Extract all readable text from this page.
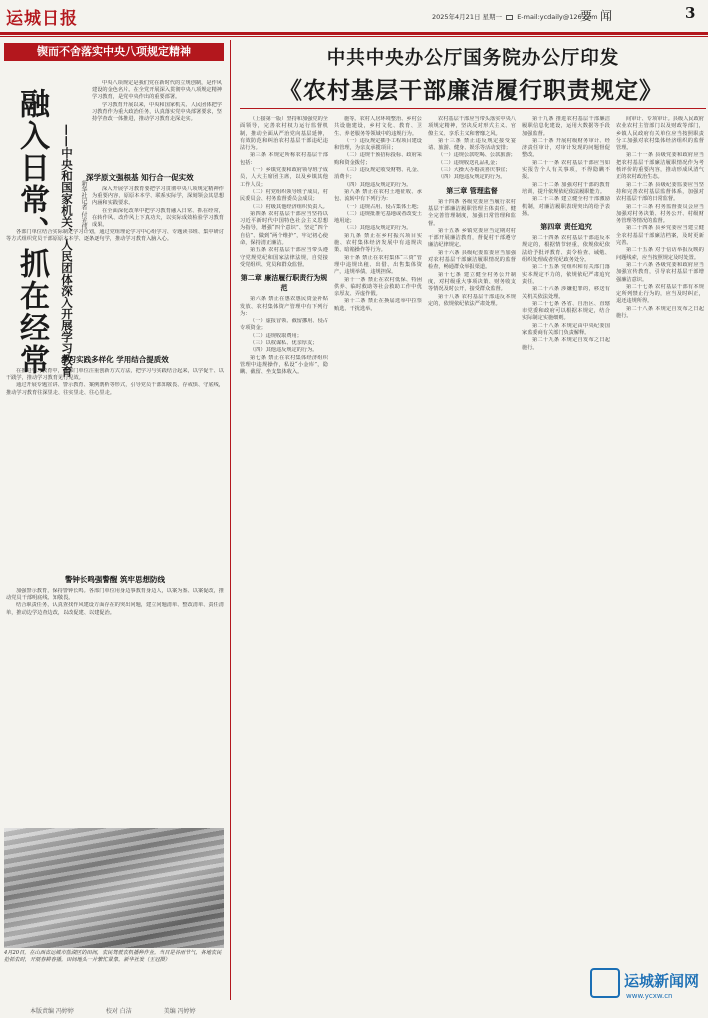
运城日报	2025年4月21日 星期一 E-mail:ycdaily@126.com
要闻	3
锲而不舍落实中央八项规定精神
融入日常、抓在经常 ——中央和国家机关、人民团体深入开展学习教育	新华社记者 付光伟

中央八项规定是我们党在新时代的立规创制，是作风建设的金色名片。在全党开展深入贯彻中央八项规定精神学习教育，是党中央作出的重要部署。

学习教育开展以来，中央和国家机关、人民团体把学习教育作为重大政治任务，认真落实党中央部署要求，坚持学查改一体推进，推动学习教育走深走实。

深学原文强根基 知行合一促实效

深入开展学习教育要把学习贯彻中央八项规定精神作为重要内容，原原本本学、联系实际学，深刻领会其思想内涵和实践要求。

在全面深化改革中把学习教育融入日常、抓在经常，在转作风、改作风上下真功夫，以实际成效检验学习教育成果。

各部门单位结合实际制定学习计划，通过党组理论学习中心组学习、专题读书班、集中研讨等方式组织党员干部原原本本学、逐条逐句学，推动学习教育入脑入心。

学习实践多样化 学用结合提质效

在推进学习教育中，各部门单位注重创新方式方法，把学习与实践结合起来，以学促干、以干践学，推动学习教育见行见效。

通过开展专题宣讲、警示教育、案例剖析等形式，引导党员干部知敬畏、存戒惧、守底线，推动学习教育往深里走、往实里走、往心里走。

警钟长鸣强警醒 筑牢思想防线

加强警示教育，保持警钟长鸣。各部门单位用身边事教育身边人，以案为鉴、以案促改，推动党员干部明底线、知敬畏。

结合职责任务，认真查找作风建设方面存在的突出问题，建立问题清单、整改清单、责任清单，推动边学边查边改，以改促建、以建促治。

4月20日，在山西省运城市盐湖区的田间，农民驾驶农机播种作业。当日是谷雨节气，各地农民抢抓农时，开展春耕春播，田间地头一片繁忙景象。新华社发（王冠摄）
中共中央办公厅国务院办公厅印发
《农村基层干部廉洁履行职责规定》

（上接第一版）坚持和加强党的全面领导，完善农村权力运行监督机制，推动全面从严治党向基层延伸，有效防范和纠治农村基层干部违纪违法行为。

第三条 本规定所称农村基层干部包括：

（一）乡镇党委和政府领导班子成员，人大主席团主席，以及乡镇其他工作人员；

（二）村党组织领导班子成员，村民委员会、村务监督委员会成员；

（三）村级其他经济组织负责人。

第四条 农村基层干部应当坚持以习近平新时代中国特色社会主义思想为指导，增强“四个意识”、坚定“四个自信”、做到“两个维护”，牢记初心使命，保持清正廉洁。

第五条 农村基层干部应当带头遵守党规党纪和国家法律法规，自觉接受党组织、党员和群众监督。

第二章 廉洁履行职责行为规范

第六条 禁止在惠农惠民资金补贴发放、农村集体资产管理中有下列行为：

（一）虚报冒领、截留挪用、侵占专项资金；

（二）违规收取费用；

（三）以权谋私、优亲厚友；

（四）其他违反规定的行为。

第七条 禁止在农村集体经济组织管理中违规操作，私设“小金库”，隐瞒、截留、坐支集体收入。

施等。农村人居环境整治、乡村公共设施建设，乡村文化、教育、卫生、养老服务等领域中的违规行为。

（一）违反规定插手工程项目建设和管理，为亲友承揽项目；

（二）违规干预招标投标、政府采购和资金拨付；

（三）违反规定收受财物、礼金、消费卡；

（四）其他违反规定的行为。

第八条 禁止在农村土地征收、承包、流转中有下列行为：

（一）违规占用、侵占集体土地；

（二）违规批准宅基地或者改变土地用途；

（三）其他违反规定的行为。

第九条 禁止在乡村振兴项目实施、农村集体经济发展中有违规决策、暗箱操作等行为。

第十条 禁止在农村集体“三资”管理中违规出租、出借、出售集体资产，违规举债，违规担保。

第十一条 禁止在农村低保、特困供养、临时救助等社会救助工作中优亲厚友、弄虚作假。

第十二条 禁止在换届选举中拉票贿选、干扰选举。

农村基层干部应当带头落实中央八项规定精神，坚决反对形式主义、官僚主义、享乐主义和奢靡之风。

第十三条 禁止违反规定接受宴请、旅游、健身、娱乐等活动安排；

（一）违规公款吃喝、公款旅游；

（二）违规收送礼品礼金；

（三）大操大办婚丧喜庆事宜；

（四）其他违反规定的行为。

第三章 管理监督

第十四条 各级党委应当履行农村基层干部廉洁履职管理主体责任，健全完善管理制度，加强日常管理和监督。

第十五条 乡镇党委应当定期对村干部开展廉洁教育，督促村干部遵守廉洁纪律规定。

第十六条 县级纪委监委应当加强对农村基层干部廉洁履职情况的监督检查，畅通群众举报渠道。

第十七条 建立健全村务公开制度，对村级重大事项决策、财务收支等情况及时公开，接受群众监督。

第十八条 农村基层干部违反本规定的，依规依纪依法严肃处理。

第十九条 推进农村基层干部廉洁履职信息化建设，运用大数据等手段加强监督。

第二十条 开展村级财务审计、经济责任审计，对审计发现的问题督促整改。

第二十一条 农村基层干部应当如实报告个人有关事项，不得隐瞒不报。

第二十二条 加强对村干部的教育培训，提升依规依纪依法履职能力。

第二十三条 建立健全村干部激励机制，对廉洁履职表现突出的给予表扬。

第四章 责任追究

第二十四条 农村基层干部违反本规定的，根据情节轻重，依规依纪依法给予批评教育、责令检查、诫勉、组织处理或者党纪政务处分。

第二十五条 党组织和有关部门落实本规定不力的，依规依纪严肃追究责任。

第二十六条 涉嫌犯罪的，移送有关机关依法处理。

第二十七条 各省、自治区、直辖市党委和政府可以根据本规定，结合实际制定实施细则。

第二十八条 本规定由中央纪委国家监委商有关部门负责解释。

第二十九条 本规定自发布之日起施行。

间审计、专项审计。县级人民政府农业农村主管部门以及财政等部门，乡镇人民政府有关单位应当按照职责分工加强对农村集体经济组织的监督管理。

第二十一条 县级党委和政府应当把农村基层干部廉洁履职情况作为考核评价的重要内容，推动形成风清气正的农村政治生态。

第二十二条 县级纪委监委应当坚持和完善农村基层监督体系，加强对农村基层干部的日常监督。

第二十三条 村务监督委员会应当加强对村务决策、村务公开、村级财务管理等情况的监督。

第二十四条 县乡党委应当建立健全农村基层干部廉洁档案，及时更新完善。

第二十五条 对于信访举报反映的问题线索，应当按照规定及时处置。

第二十六条 各级党委和政府应当加强宣传教育，引导农村基层干部增强廉洁意识。

第二十七条 农村基层干部有本规定所列禁止行为的，应当及时纠正，退还违规所得。

第二十八条 本规定自发布之日起施行。

运城新闻网
www.ycxw.cn
本版责编 冯婷婷	校对 白洁	美编 冯婷婷
